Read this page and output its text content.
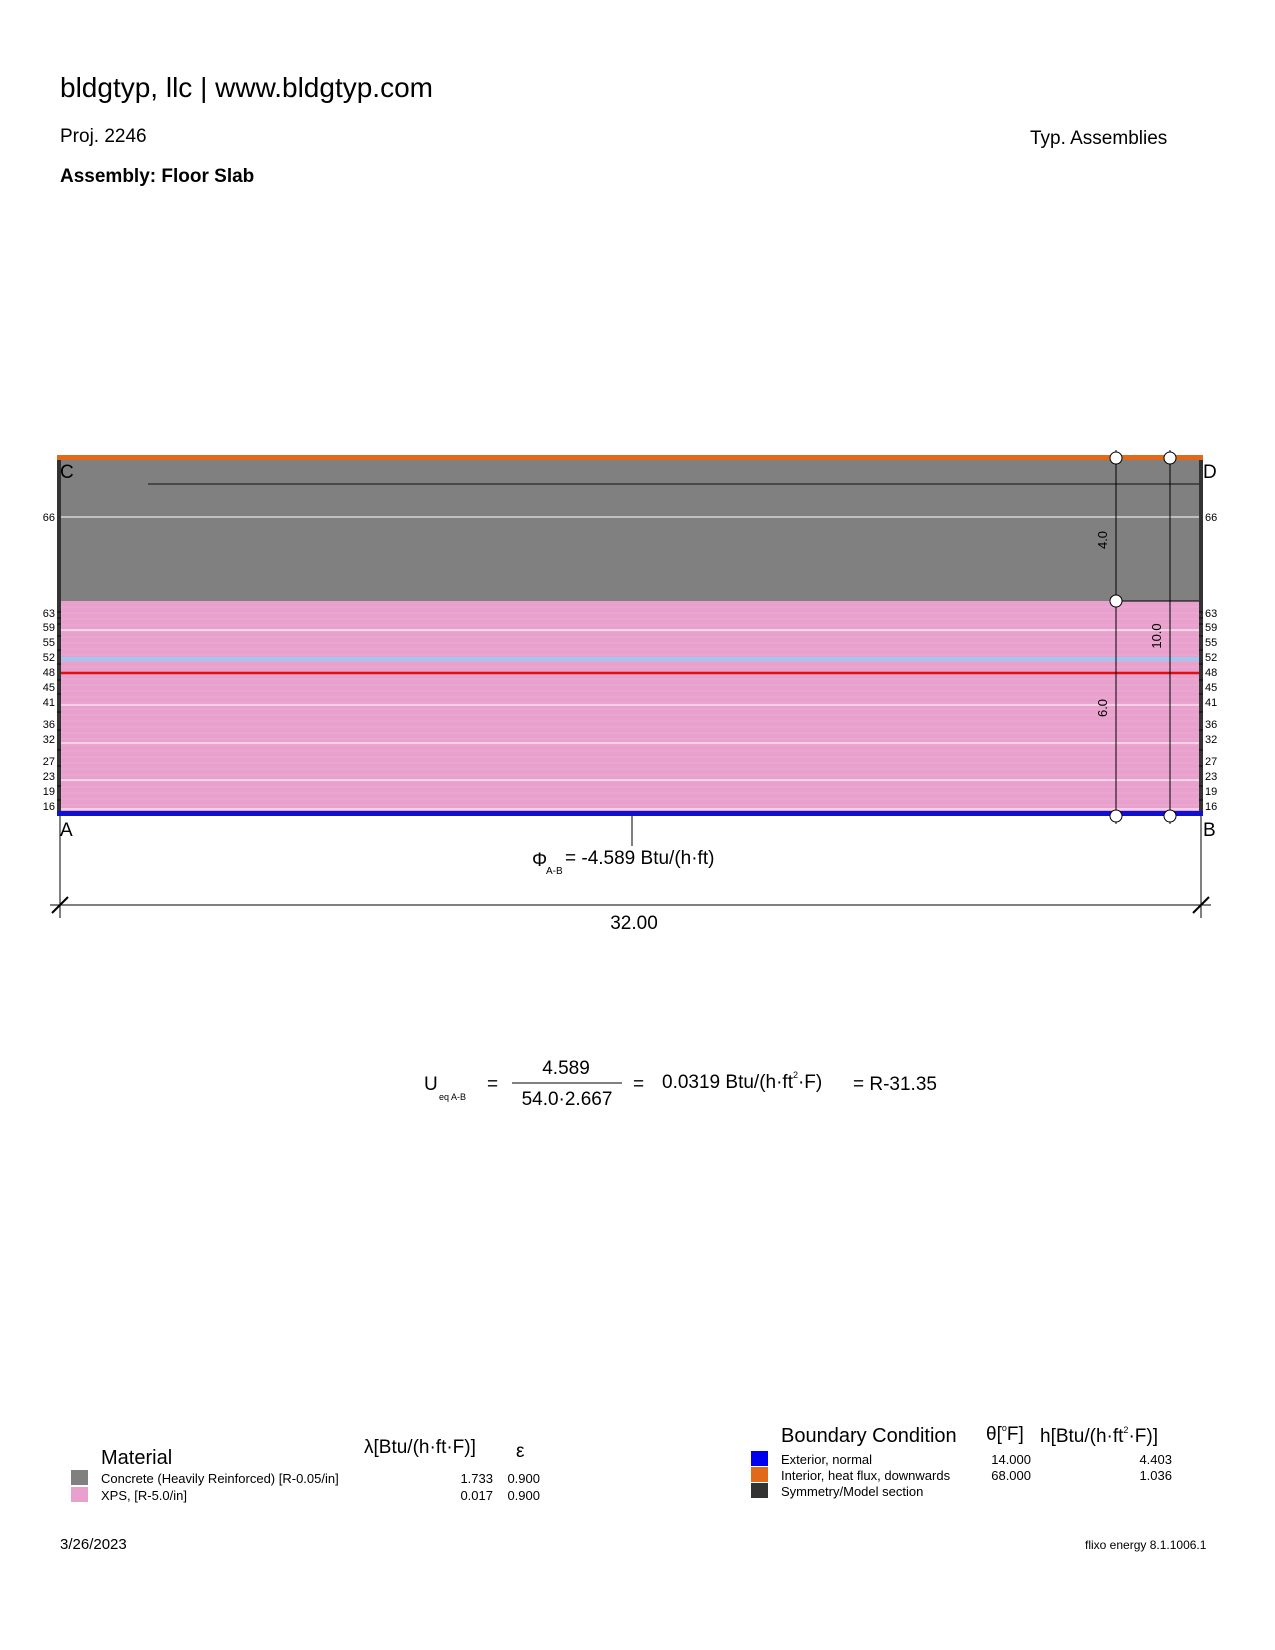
bldgtyp, llc | www.bldgtyp.com
Proj. 2246	Typ. Assemblies
Assembly: Floor Slab
66
63
59
55
52
48
45
41
36
32
27
23
19
16
66
63
59
55
52
48
45
41
36
32
27
23
19
16
C	D
A	B
4.0
6.0
10.0
Φ
A-B
= -4.589 Btu/(h·ft)
32.00
U
eq A-B
=
4.589
54.0·2.667
= 0.0319 Btu/$(h\cdot ft^2\cdot F) = R-31.35$
Material	λ[Btu/(h·ft·F)] ε
Concrete (Heavily Reinforced) [R-0.05/in]	1.733 0.900
XPS, [R-5.0/in]	0.017 0.900
Boundary Condition θ[$^o$F] $h[Btu/(h\cdot ft^2\cdot F)]$
Exterior, normal	14.000	4.403
Interior, heat flux, downwards	68.000	1.036
Symmetry/Model section
3/26/2023	flixo energy 8.1.1006.1
